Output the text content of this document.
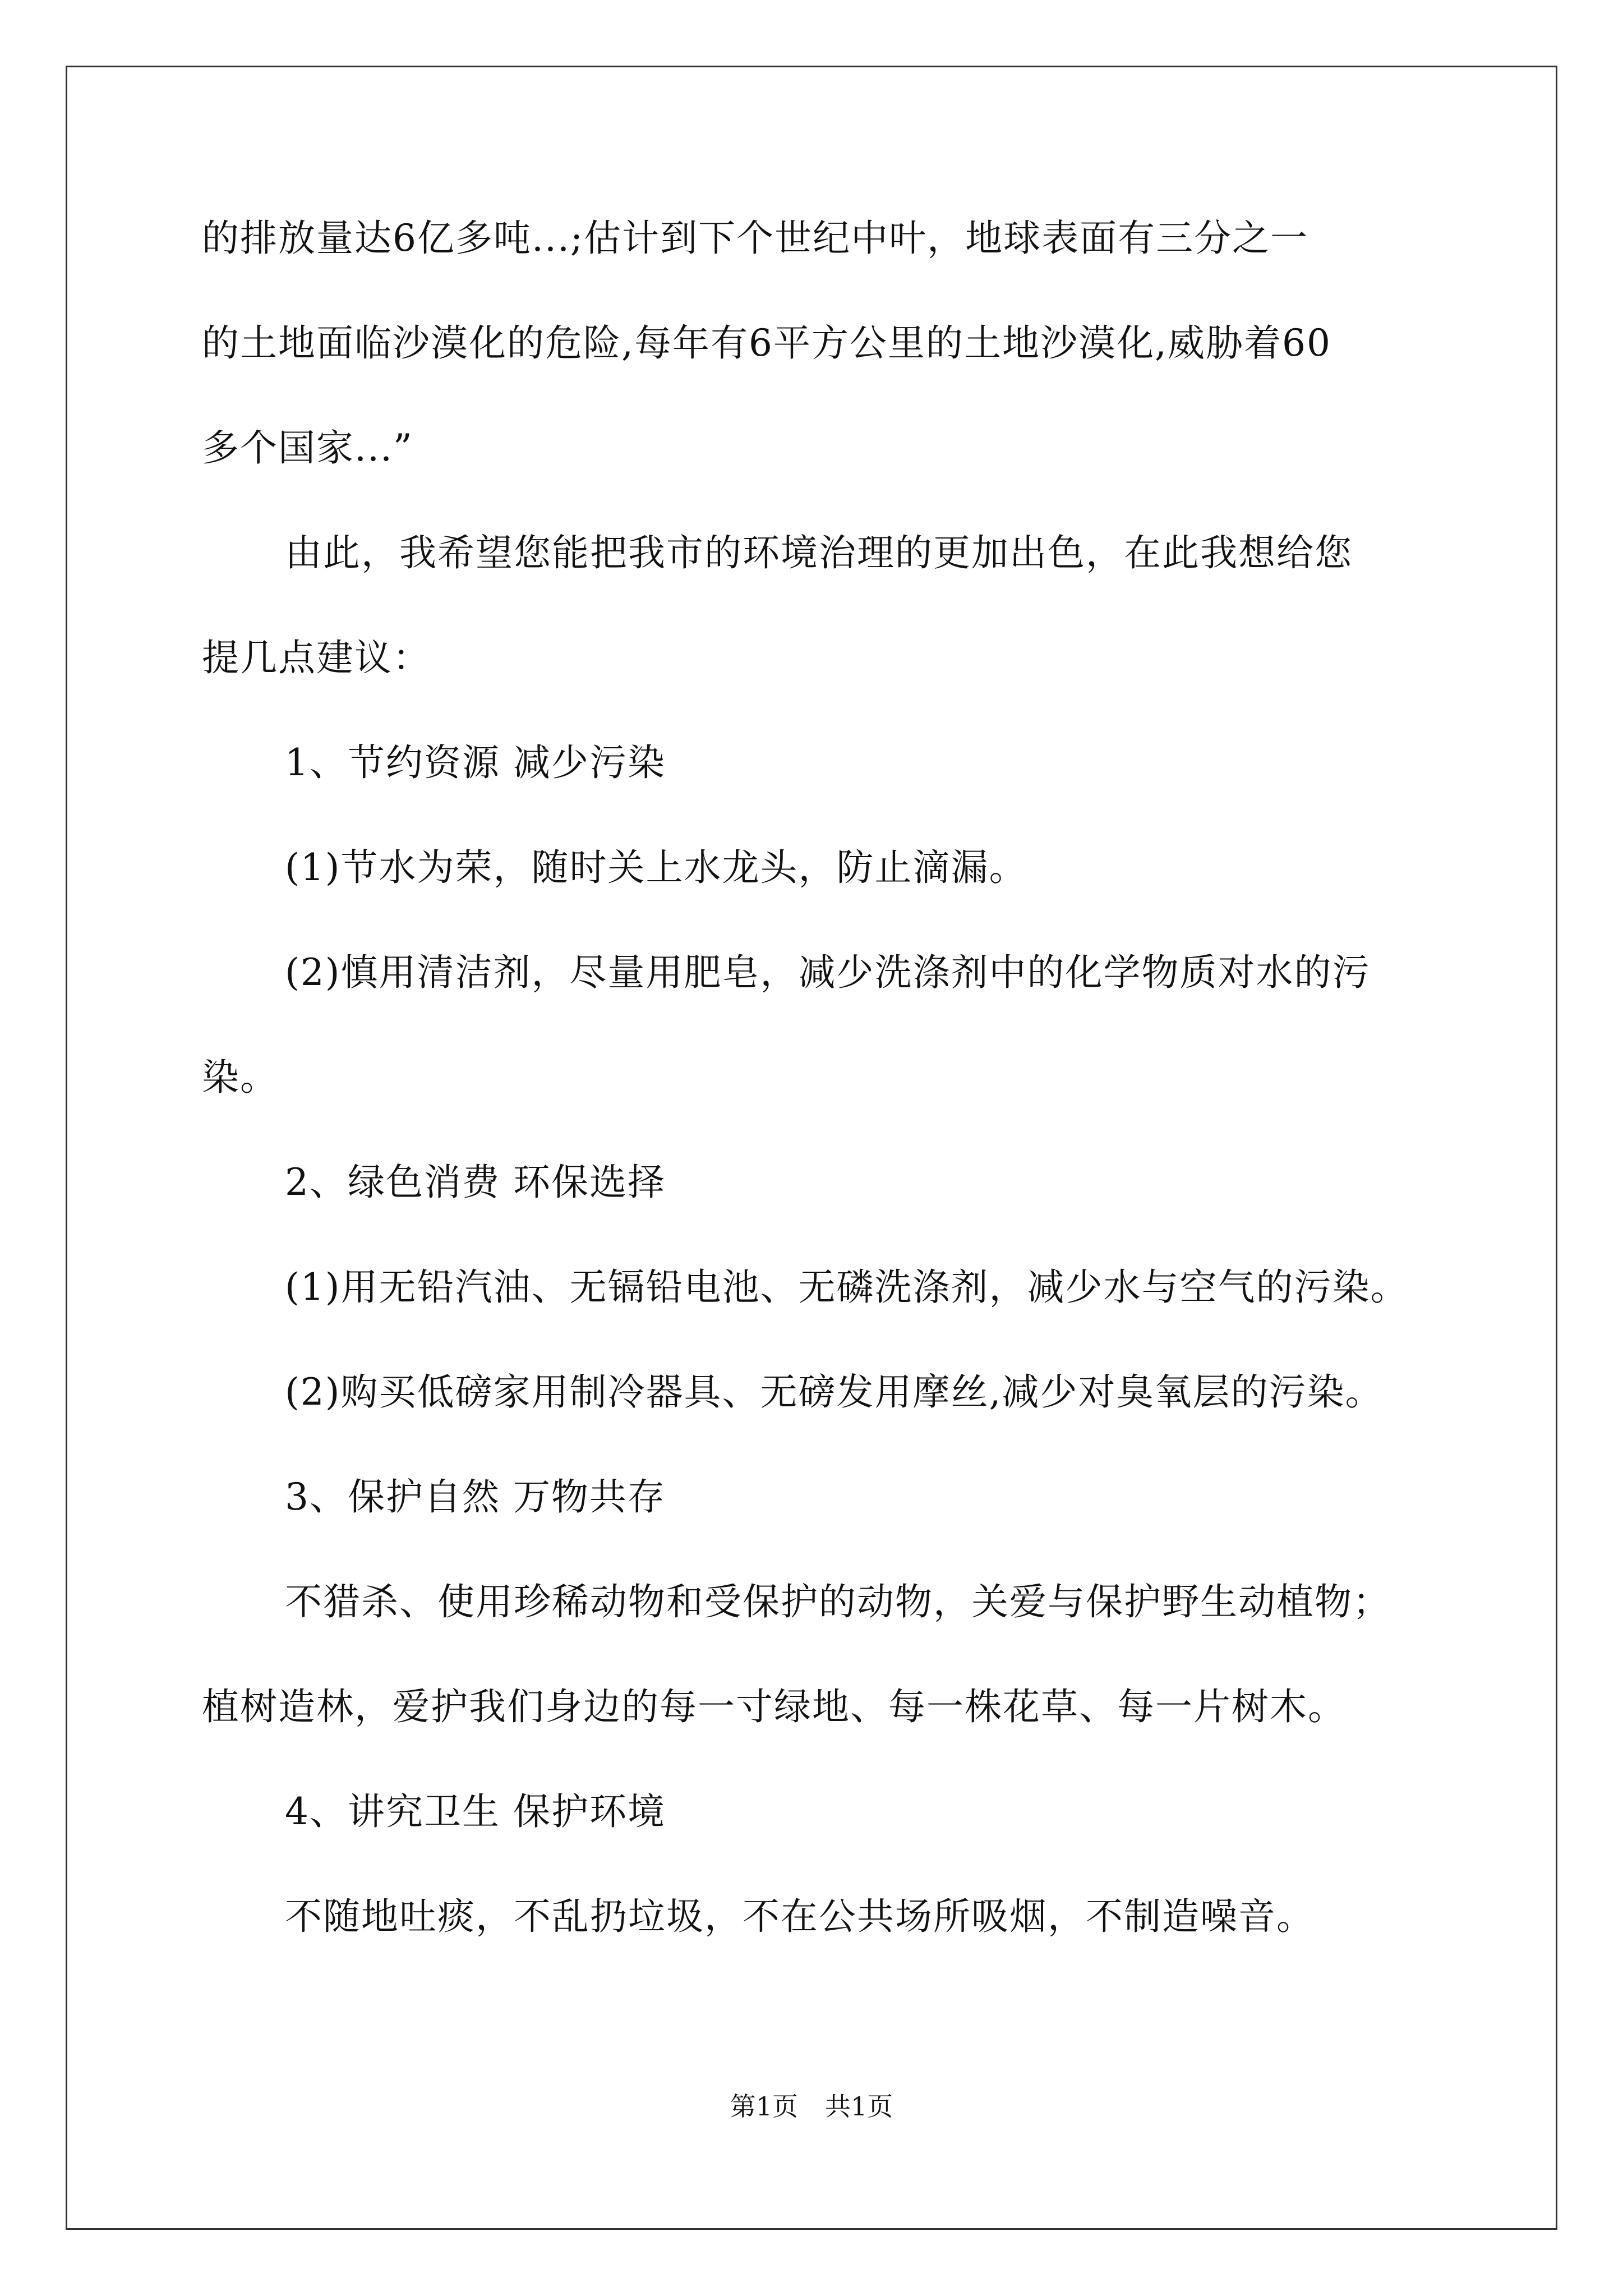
的排放量达6亿多吨...;估计到下个世纪中叶，地球表面有三分之一
的土地面临沙漠化的危险,每年有6平方公里的土地沙漠化,威胁着60
多个国家...”
由此，我希望您能把我市的环境治理的更加出色，在此我想给您
提几点建议：
1、节约资源 减少污染
(1)节水为荣，随时关上水龙头，防止滴漏。
(2)慎用清洁剂，尽量用肥皂，减少洗涤剂中的化学物质对水的污
染。
2、绿色消费 环保选择
(1)用无铅汽油、无镉铅电池、无磷洗涤剂，减少水与空气的污染。
(2)购买低磅家用制冷器具、无磅发用摩丝,减少对臭氧层的污染。
3、保护自然 万物共存
不猎杀、使用珍稀动物和受保护的动物，关爱与保护野生动植物；
植树造林，爱护我们身边的每一寸绿地、每一株花草、每一片树木。
4、讲究卫生 保护环境
不随地吐痰，不乱扔垃圾，不在公共场所吸烟，不制造噪音。
第1页 共1页
